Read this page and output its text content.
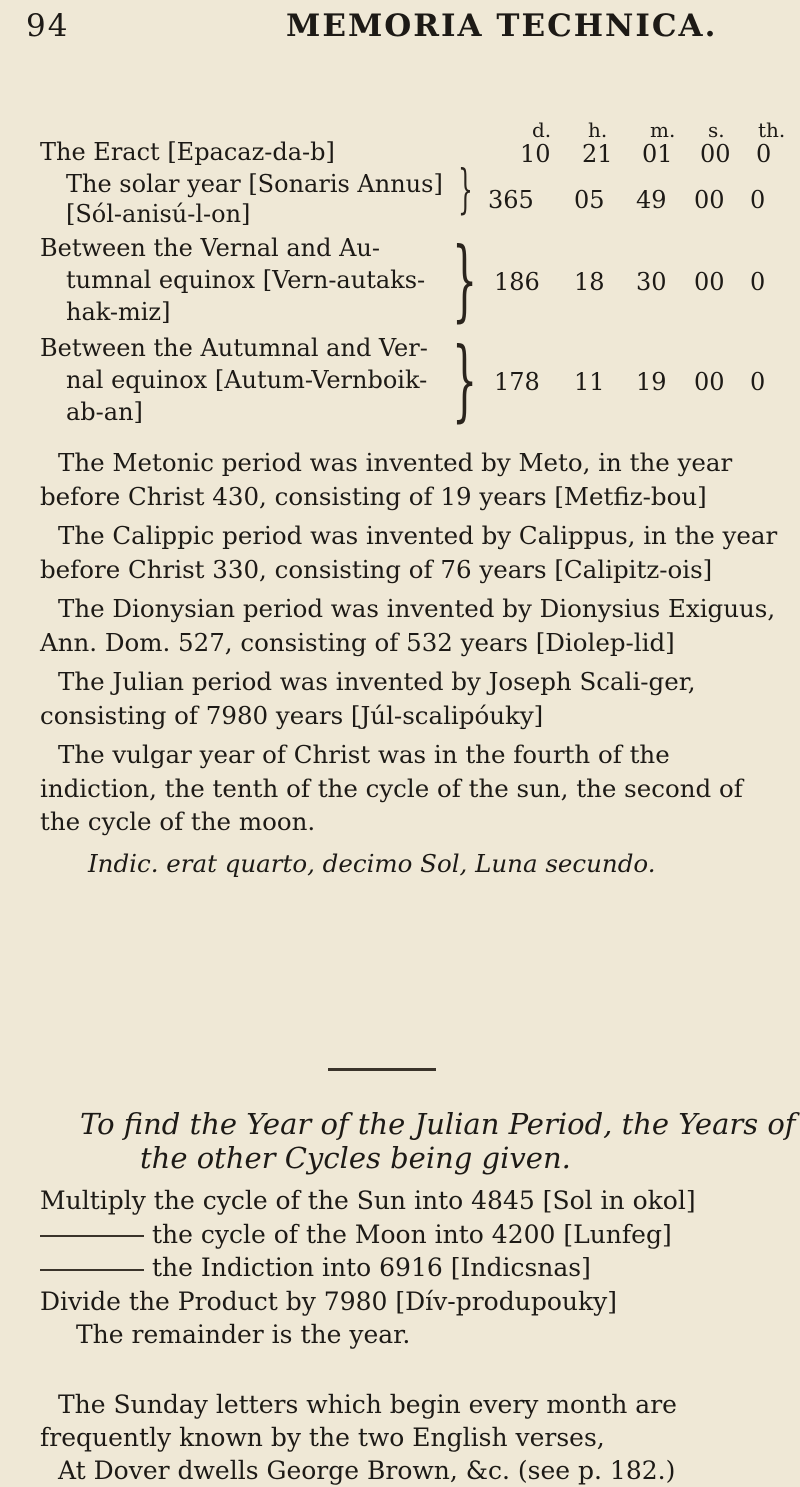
94	MEMORIA TECHNICA.
d. h. m. s. th.
The Eract [Epacaz-da-b]	10 21 01 00 0
The solar year [Sonaris Annus]
[Sól-anisú-l-on]	} 365 05 49 00 0
Between the Vernal and Au-
tumnal equinox [Vern-autaks-
hak-miz]	} 186 18 30 00 0
Between the Autumnal and Ver-
nal equinox [Autum-Vernboik-
ab-an]	} 178 11 19 00 0

The Metonic period was invented by Meto, in the year before Christ 430, consisting of 19 years [Metfiz-bou]

The Calippic period was invented by Calippus, in the year before Christ 330, consisting of 76 years [Calipitz-ois]

The Dionysian period was invented by Dionysius Exiguus, Ann. Dom. 527, consisting of 532 years [Diolep-lid]

The Julian period was invented by Joseph Scali-ger, consisting of 7980 years [Júl-scalipóuky]

The vulgar year of Christ was in the fourth of the indiction, the tenth of the cycle of the sun, the second of the cycle of the moon.

Indic. erat quarto, decimo Sol, Luna secundo.

To find the Year of the Julian Period, the Years of
the other Cycles being given.
Multiply the cycle of the Sun into 4845 [Sol in okol]
the cycle of the Moon into 4200 [Lunfeg]
the Indiction into 6916 [Indicsnas]
Divide the Product by 7980 [Dív-produpouky]
The remainder is the year.

The Sunday letters which begin every month are frequently known by the two English verses,

At Dover dwells George Brown, &c. (see p. 182.)
